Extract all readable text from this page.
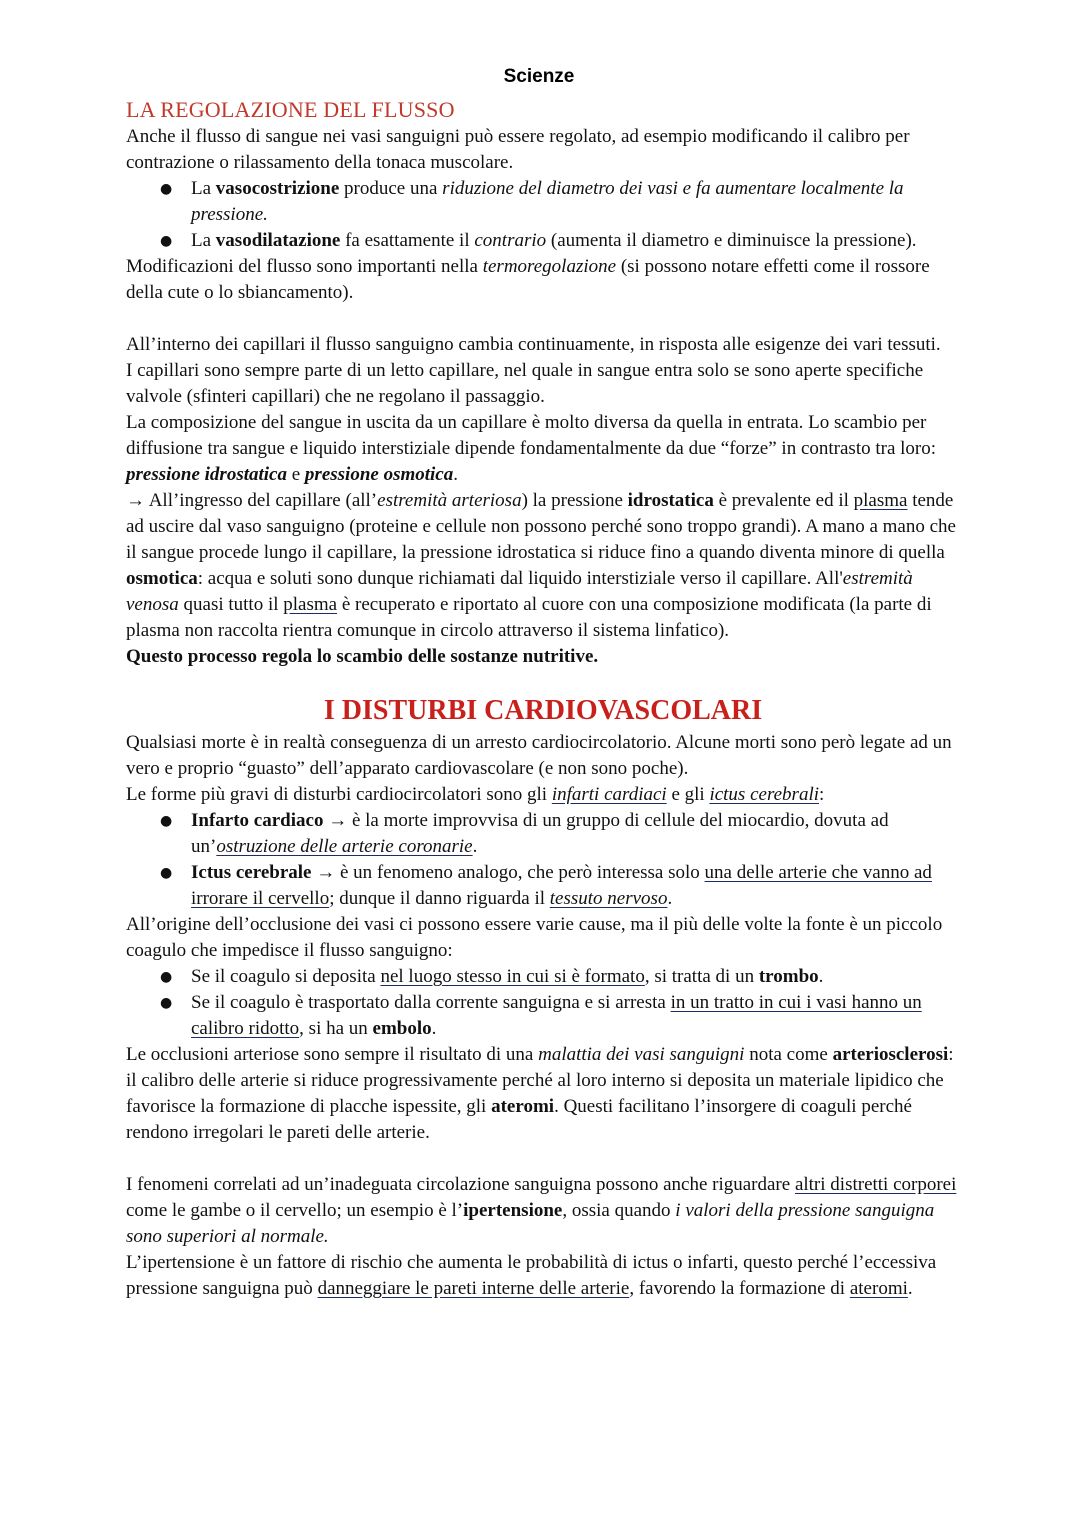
Scienze
LA REGOLAZIONE DEL FLUSSO

Anche il flusso di sangue nei vasi sanguigni può essere regolato, ad esempio modificando il calibro per contrazione o rilassamento della tonaca muscolare.

● La vasocostrizione produce una riduzione del diametro dei vasi e fa aumentare localmente la pressione.
● La vasodilatazione fa esattamente il contrario (aumenta il diametro e diminuisce la pressione).

Modificazioni del flusso sono importanti nella termoregolazione (si possono notare effetti come il rossore della cute o lo sbiancamento).

All’interno dei capillari il flusso sanguigno cambia continuamente, in risposta alle esigenze dei vari tessuti.

I capillari sono sempre parte di un letto capillare, nel quale in sangue entra solo se sono aperte specifiche valvole (sfinteri capillari) che ne regolano il passaggio.

La composizione del sangue in uscita da un capillare è molto diversa da quella in entrata. Lo scambio per diffusione tra sangue e liquido interstiziale dipende fondamentalmente da due “forze” in contrasto tra loro: pressione idrostatica e pressione osmotica.

→ All’ingresso del capillare (all’estremità arteriosa) la pressione idrostatica è prevalente ed il plasma tende ad uscire dal vaso sanguigno (proteine e cellule non possono perché sono troppo grandi). A mano a mano che il sangue procede lungo il capillare, la pressione idrostatica si riduce fino a quando diventa minore di quella osmotica: acqua e soluti sono dunque richiamati dal liquido interstiziale verso il capillare. All'estremità venosa quasi tutto il plasma è recuperato e riportato al cuore con una composizione modificata (la parte di plasma non raccolta rientra comunque in circolo attraverso il sistema linfatico).

Questo processo regola lo scambio delle sostanze nutritive.

I DISTURBI CARDIOVASCOLARI

Qualsiasi morte è in realtà conseguenza di un arresto cardiocircolatorio. Alcune morti sono però legate ad un vero e proprio “guasto” dell’apparato cardiovascolare (e non sono poche).

Le forme più gravi di disturbi cardiocircolatori sono gli infarti cardiaci e gli ictus cerebrali:

● Infarto cardiaco → è la morte improvvisa di un gruppo di cellule del miocardio, dovuta ad un’ostruzione delle arterie coronarie.
● Ictus cerebrale → è un fenomeno analogo, che però interessa solo una delle arterie che vanno ad irrorare il cervello; dunque il danno riguarda il tessuto nervoso.

All’origine dell’occlusione dei vasi ci possono essere varie cause, ma il più delle volte la fonte è un piccolo coagulo che impedisce il flusso sanguigno:

● Se il coagulo si deposita nel luogo stesso in cui si è formato, si tratta di un trombo.
● Se il coagulo è trasportato dalla corrente sanguigna e si arresta in un tratto in cui i vasi hanno un calibro ridotto, si ha un embolo.

Le occlusioni arteriose sono sempre il risultato di una malattia dei vasi sanguigni nota come arteriosclerosi: il calibro delle arterie si riduce progressivamente perché al loro interno si deposita un materiale lipidico che favorisce la formazione di placche ispessite, gli ateromi. Questi facilitano l’insorgere di coaguli perché rendono irregolari le pareti delle arterie.

I fenomeni correlati ad un’inadeguata circolazione sanguigna possono anche riguardare altri distretti corporei come le gambe o il cervello; un esempio è l’ipertensione, ossia quando i valori della pressione sanguigna sono superiori al normale.

L’ipertensione è un fattore di rischio che aumenta le probabilità di ictus o infarti, questo perché l’eccessiva pressione sanguigna può danneggiare le pareti interne delle arterie, favorendo la formazione di ateromi.
